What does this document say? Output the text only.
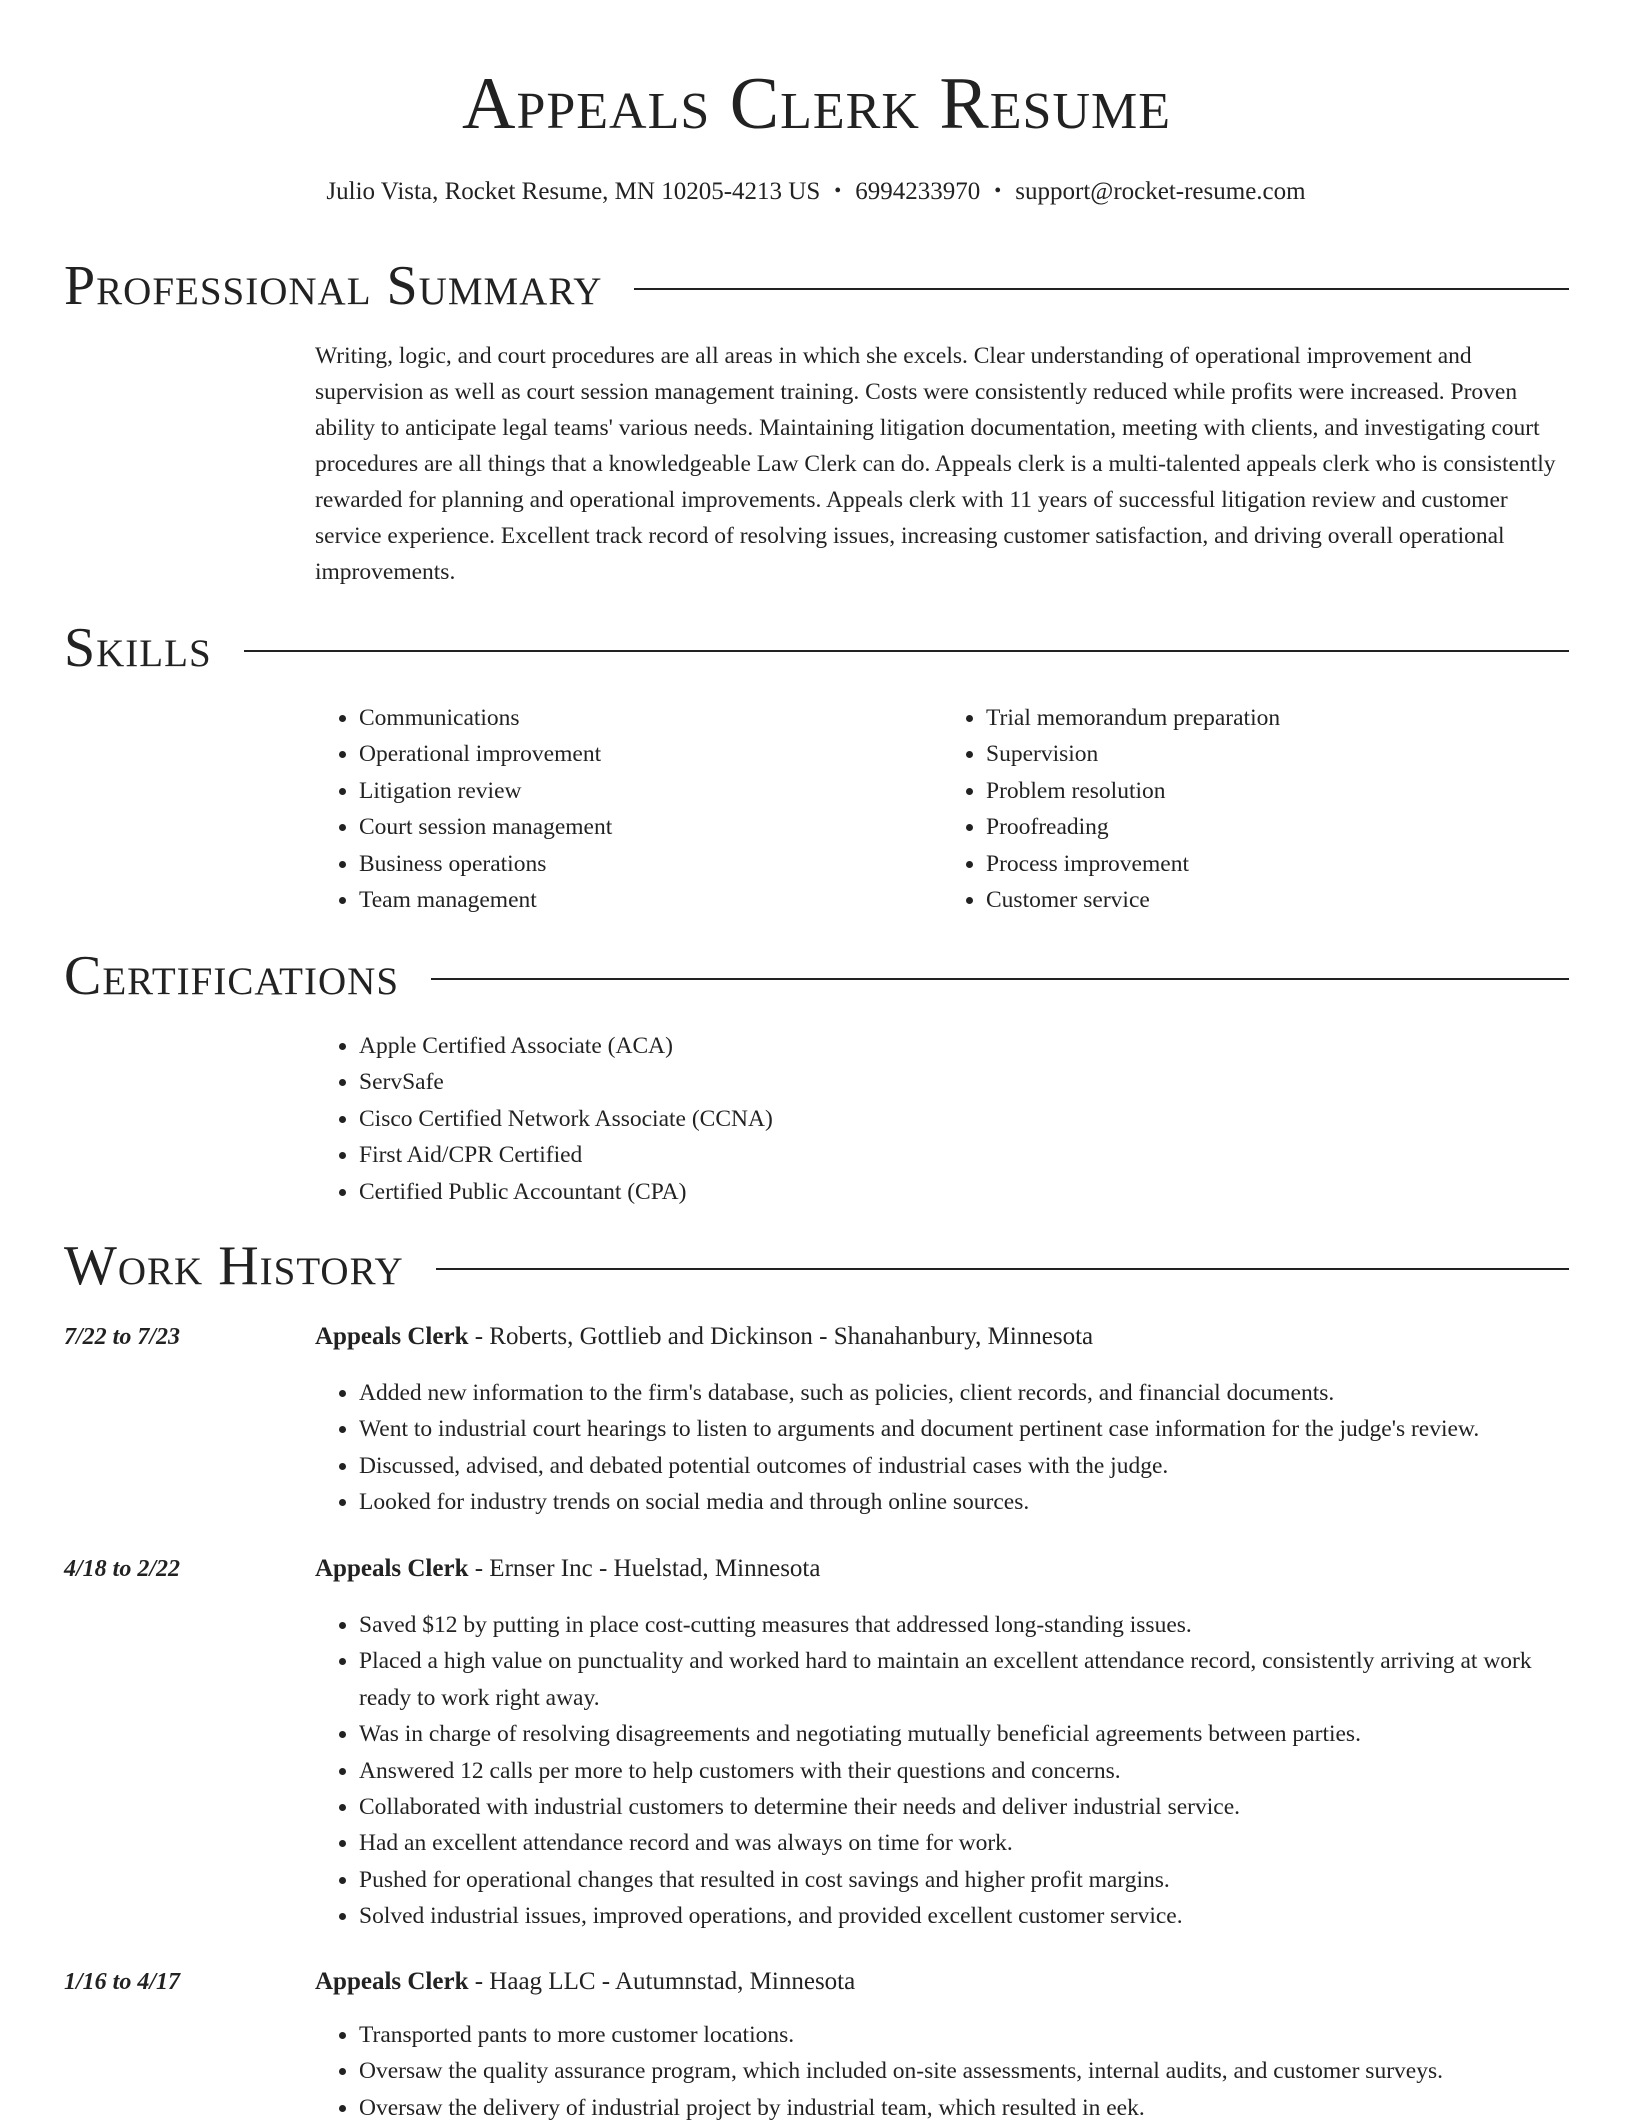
Appeals Clerk Resume
Julio Vista, Rocket Resume, MN 10205-4213 US • 6994233970 • support@rocket-resume.com
Professional Summary

Writing, logic, and court procedures are all areas in which she excels. Clear understanding of operational improvement and supervision as well as court session management training. Costs were consistently reduced while profits were increased. Proven ability to anticipate legal teams' various needs. Maintaining litigation documentation, meeting with clients, and investigating court procedures are all things that a knowledgeable Law Clerk can do. Appeals clerk is a multi-talented appeals clerk who is consistently rewarded for planning and operational improvements. Appeals clerk with 11 years of successful litigation review and customer service experience. Excellent track record of resolving issues, increasing customer satisfaction, and driving overall operational improvements.

Skills
• Communications
• Operational improvement
• Litigation review
• Court session management
• Business operations
• Team management
• Trial memorandum preparation
• Supervision
• Problem resolution
• Proofreading
• Process improvement
• Customer service
Certifications
• Apple Certified Associate (ACA)
• ServSafe
• Cisco Certified Network Associate (CCNA)
• First Aid/CPR Certified
• Certified Public Accountant (CPA)
Work History
7/22 to 7/23	Appeals Clerk - Roberts, Gottlieb and Dickinson - Shanahanbury, Minnesota
• Added new information to the firm's database, such as policies, client records, and financial documents.
• Went to industrial court hearings to listen to arguments and document pertinent case information for the judge's review.
• Discussed, advised, and debated potential outcomes of industrial cases with the judge.
• Looked for industry trends on social media and through online sources.
4/18 to 2/22	Appeals Clerk - Ernser Inc - Huelstad, Minnesota
• Saved $12 by putting in place cost-cutting measures that addressed long-standing issues.
• Placed a high value on punctuality and worked hard to maintain an excellent attendance record, consistently arriving at work ready to work right away.
• Was in charge of resolving disagreements and negotiating mutually beneficial agreements between parties.
• Answered 12 calls per more to help customers with their questions and concerns.
• Collaborated with industrial customers to determine their needs and deliver industrial service.
• Had an excellent attendance record and was always on time for work.
• Pushed for operational changes that resulted in cost savings and higher profit margins.
• Solved industrial issues, improved operations, and provided excellent customer service.
1/16 to 4/17	Appeals Clerk - Haag LLC - Autumnstad, Minnesota
• Transported pants to more customer locations.
• Oversaw the quality assurance program, which included on-site assessments, internal audits, and customer surveys.
• Oversaw the delivery of industrial project by industrial team, which resulted in eek.
